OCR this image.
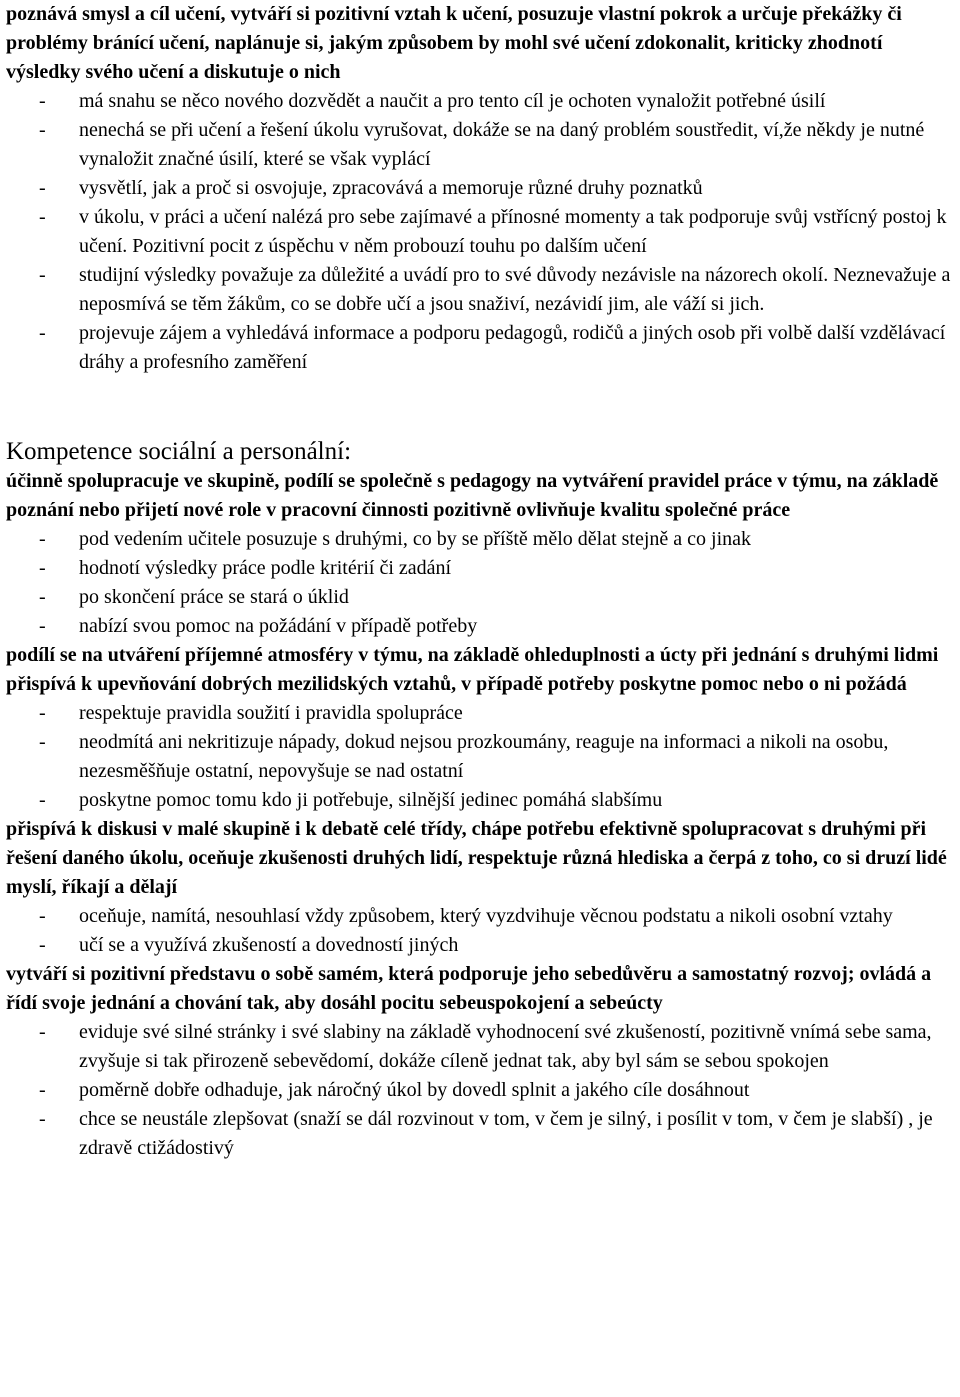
poznává smysl a cíl učení, vytváří si pozitivní vztah k učení, posuzuje vlastní pokrok a určuje překážky či problémy bránící učení, naplánuje si, jakým způsobem by mohl své učení zdokonalit, kriticky zhodnotí výsledky svého učení a diskutuje o nich

- má snahu se něco nového dozvědět a naučit a pro tento cíl je ochoten vynaložit potřebné úsilí
- nenechá se při učení a řešení úkolu vyrušovat, dokáže se na daný problém soustředit, ví,že někdy je nutné vynaložit značné úsilí, které se však vyplácí
- vysvětlí, jak a proč si osvojuje, zpracovává a memoruje různé druhy poznatků
- v úkolu, v práci a učení nalézá pro sebe zajímavé a přínosné momenty a tak podporuje svůj vstřícný postoj k učení. Pozitivní pocit z úspěchu v něm probouzí touhu po dalším učení
- studijní výsledky považuje za důležité a uvádí pro to své důvody nezávisle na názorech okolí. Neznevažuje a neposmívá se těm žákům, co se dobře učí a jsou snaživí, nezávidí jim, ale váží si jich.
- projevuje zájem a vyhledává informace a podporu pedagogů, rodičů a jiných osob při volbě další vzdělávací dráhy a profesního zaměření
Kompetence sociální a personální:

účinně spolupracuje ve skupině, podílí se společně s pedagogy na vytváření pravidel práce v týmu, na základě poznání nebo přijetí nové role v pracovní činnosti pozitivně ovlivňuje kvalitu společné práce

- pod vedením učitele posuzuje s druhými, co by se příště mělo dělat stejně a co jinak
- hodnotí výsledky práce podle kritérií či zadání
- po skončení práce se stará o úklid
- nabízí svou pomoc na požádání v případě potřeby

podílí se na utváření příjemné atmosféry v týmu, na základě ohleduplnosti a úcty při jednání s druhými lidmi přispívá k upevňování dobrých mezilidských vztahů, v případě potřeby poskytne pomoc nebo o ni požádá

- respektuje pravidla soužití i pravidla spolupráce
- neodmítá ani nekritizuje nápady, dokud nejsou prozkoumány, reaguje na informaci a nikoli na osobu, nezesměšňuje ostatní, nepovyšuje se nad ostatní
- poskytne pomoc tomu kdo ji potřebuje, silnější jedinec pomáhá slabšímu

přispívá k diskusi v malé skupině i k debatě celé třídy, chápe potřebu efektivně spolupracovat s druhými při řešení daného úkolu, oceňuje zkušenosti druhých lidí, respektuje různá hlediska a čerpá z toho, co si druzí lidé myslí, říkají a dělají

- oceňuje, namítá, nesouhlasí vždy způsobem, který vyzdvihuje věcnou podstatu a nikoli osobní vztahy
- učí se a využívá zkušeností a dovedností jiných

vytváří si pozitivní představu o sobě samém, která podporuje jeho sebedůvěru a samostatný rozvoj; ovládá a řídí svoje jednání a chování tak, aby dosáhl pocitu sebeuspokojení a sebeúcty

- eviduje své silné stránky i své slabiny na základě vyhodnocení své zkušeností, pozitivně vnímá sebe sama, zvyšuje si tak přirozeně sebevědomí, dokáže cíleně jednat tak, aby byl sám se sebou spokojen
- poměrně dobře odhaduje, jak náročný úkol by dovedl splnit a jakého cíle dosáhnout
- chce se neustále zlepšovat (snaží se dál rozvinout v tom, v čem je silný, i posílit v tom, v čem je slabší) , je zdravě ctižádostivý
